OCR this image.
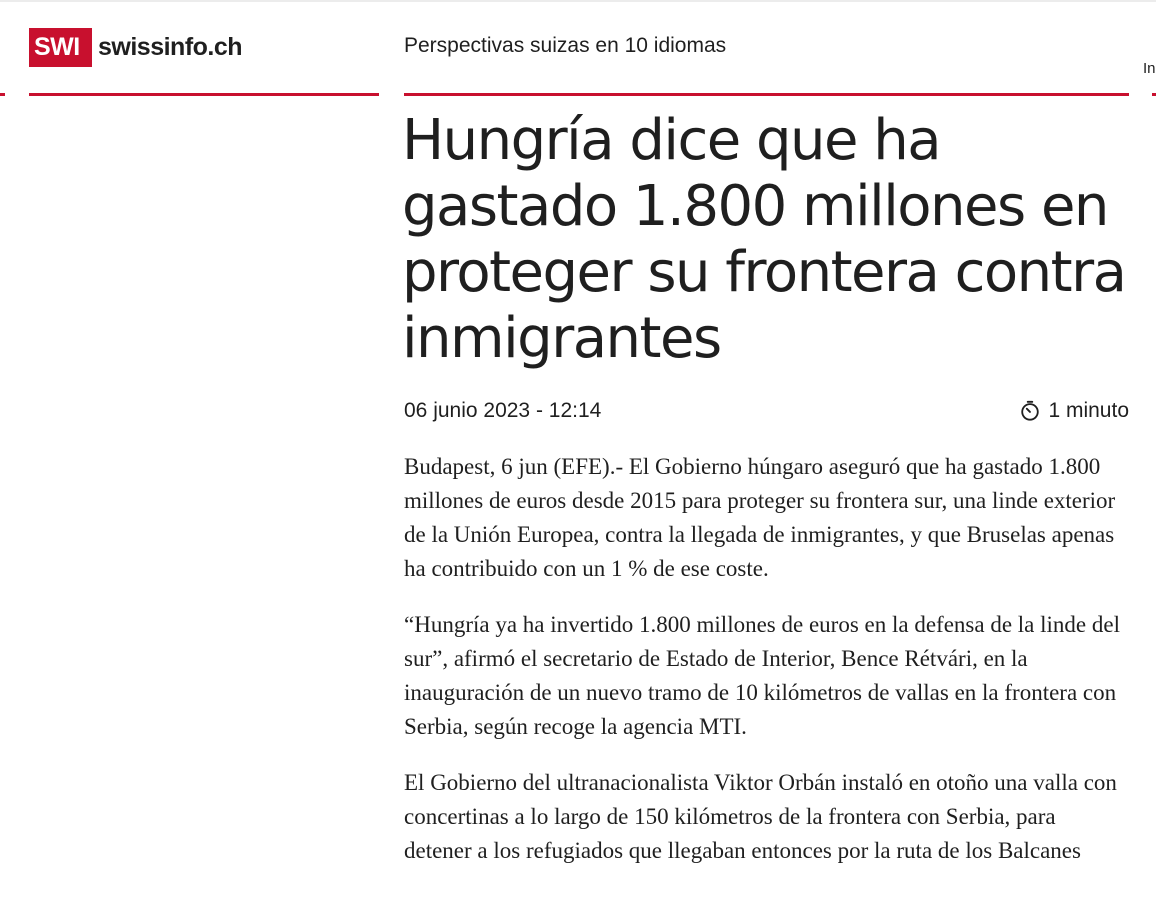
SWI swissinfo.ch	Perspectivas suizas en 10 idiomas
In
Hungría dice que ha gastado 1.800 millones en proteger su frontera contra inmigrantes
06 junio 2023 - 12:14	1 minuto

Budapest, 6 jun (EFE).- El Gobierno húngaro aseguró que ha gastado 1.800 millones de euros desde 2015 para proteger su frontera sur, una linde exterior de la Unión Europea, contra la llegada de inmigrantes, y que Bruselas apenas ha contribuido con un 1 % de ese coste.

“Hungría ya ha invertido 1.800 millones de euros en la defensa de la linde del sur”, afirmó el secretario de Estado de Interior, Bence Rétvári, en la inauguración de un nuevo tramo de 10 kilómetros de vallas en la frontera con Serbia, según recoge la agencia MTI.

El Gobierno del ultranacionalista Viktor Orbán instaló en otoño una valla con concertinas a lo largo de 150 kilómetros de la frontera con Serbia, para detener a los refugiados que llegaban entonces por la ruta de los Balcanes
